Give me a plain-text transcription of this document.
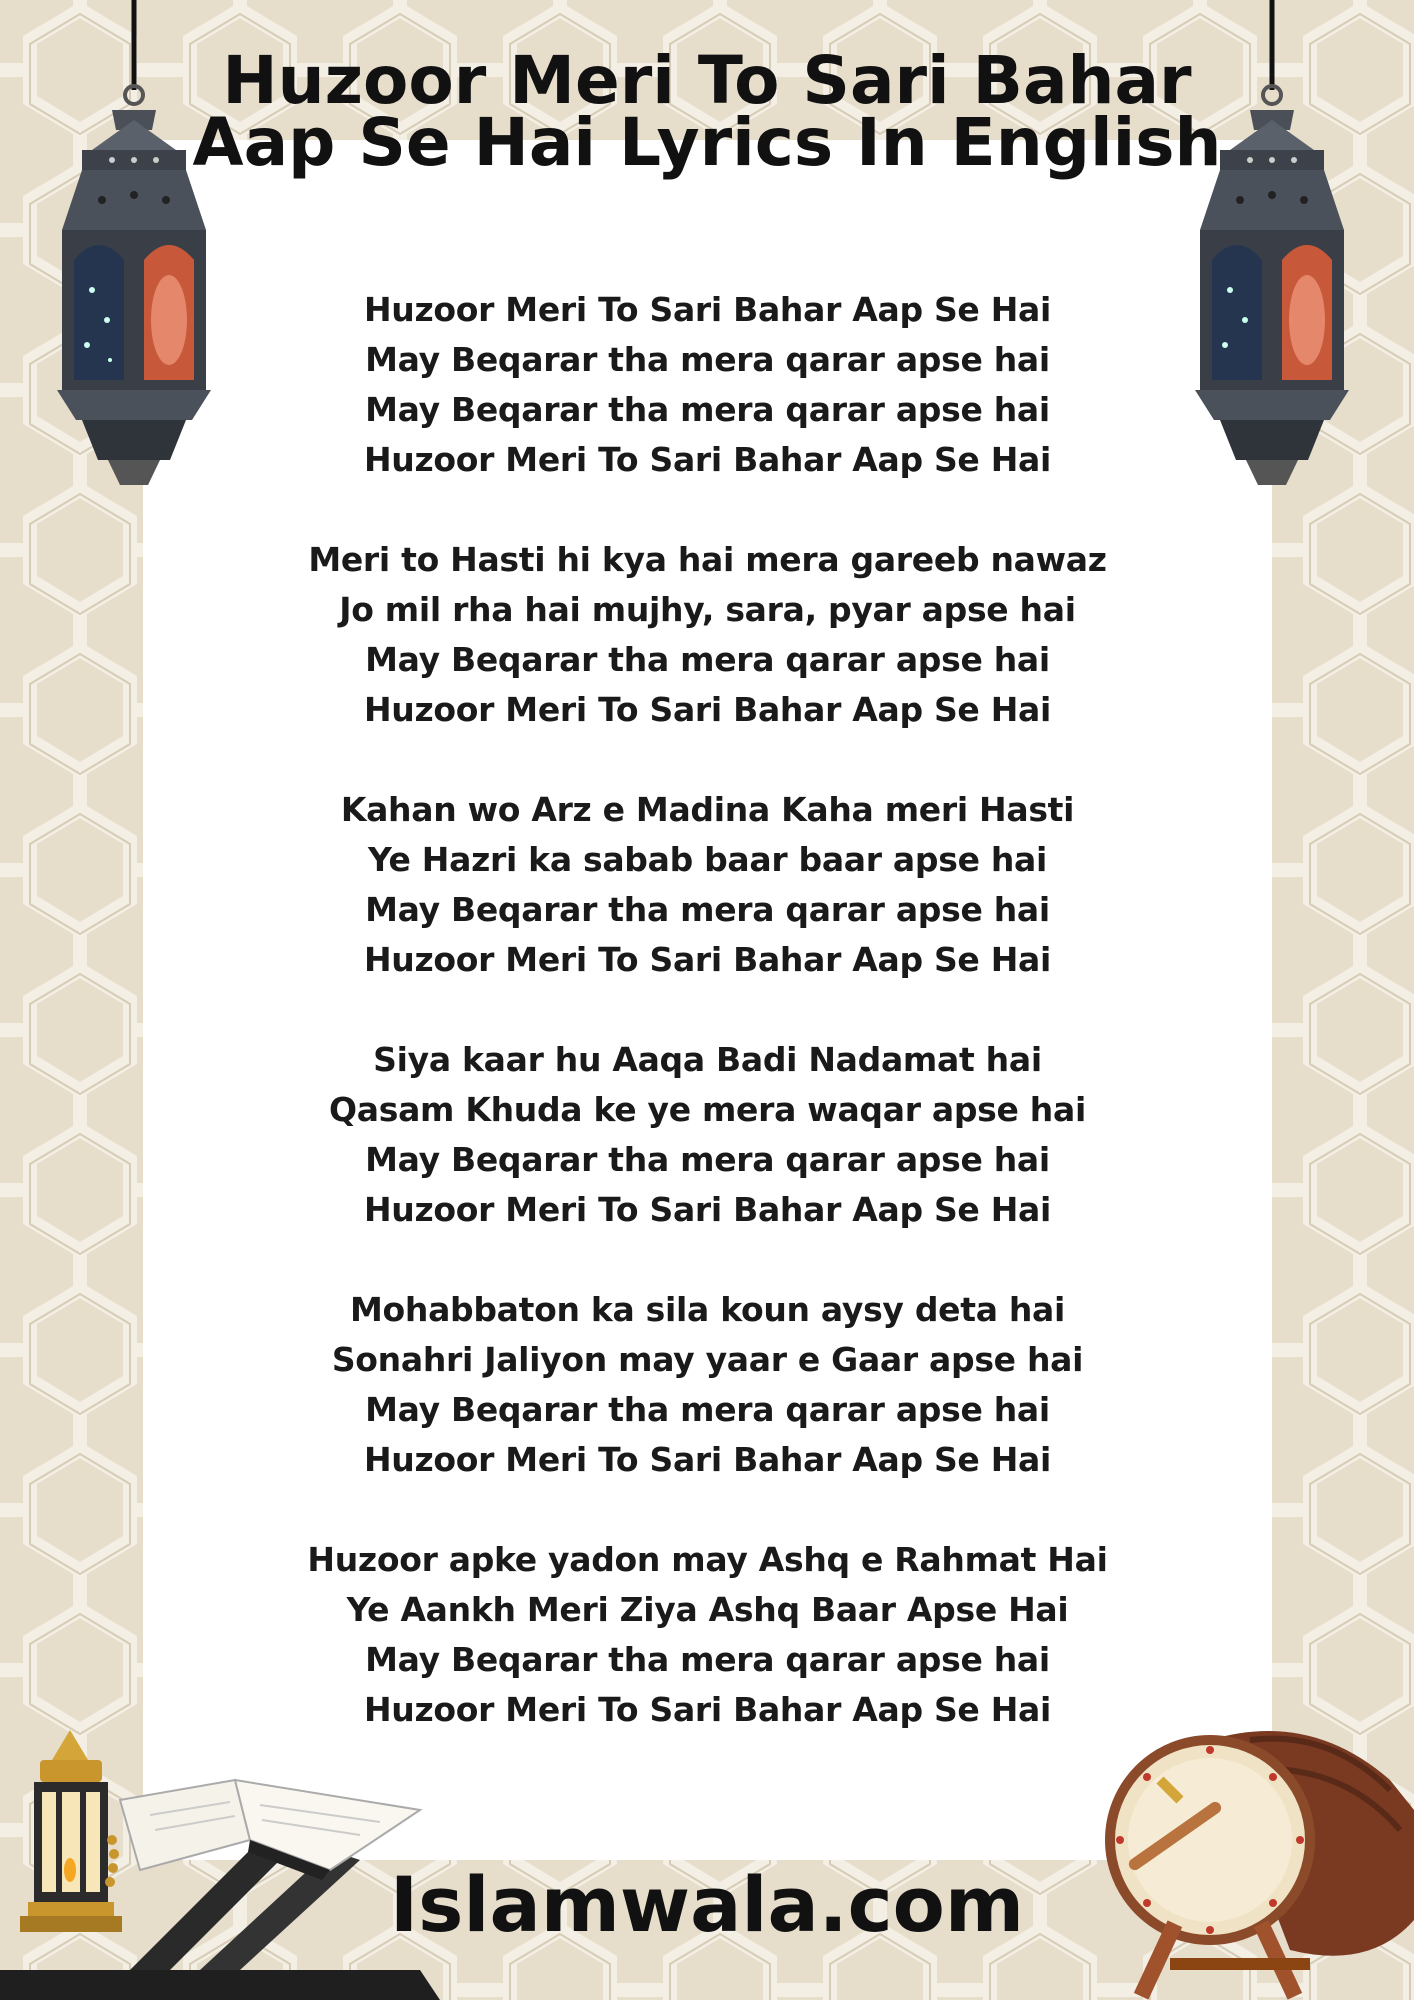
Huzoor Meri To Sari Bahar
Aap Se Hai Lyrics In English
Huzoor Meri To Sari Bahar Aap Se Hai
May Beqarar tha mera qarar apse hai
May Beqarar tha mera qarar apse hai
Huzoor Meri To Sari Bahar Aap Se Hai
Meri to Hasti hi kya hai mera gareeb nawaz
Jo mil rha hai mujhy, sara, pyar apse hai
May Beqarar tha mera qarar apse hai
Huzoor Meri To Sari Bahar Aap Se Hai
Kahan wo Arz e Madina Kaha meri Hasti
Ye Hazri ka sabab baar baar apse hai
May Beqarar tha mera qarar apse hai
Huzoor Meri To Sari Bahar Aap Se Hai
Siya kaar hu Aaqa Badi Nadamat hai
Qasam Khuda ke ye mera waqar apse hai
May Beqarar tha mera qarar apse hai
Huzoor Meri To Sari Bahar Aap Se Hai
Mohabbaton ka sila koun aysy deta hai
Sonahri Jaliyon may yaar e Gaar apse hai
May Beqarar tha mera qarar apse hai
Huzoor Meri To Sari Bahar Aap Se Hai
Huzoor apke yadon may Ashq e Rahmat Hai
Ye Aankh Meri Ziya Ashq Baar Apse Hai
May Beqarar tha mera qarar apse hai
Huzoor Meri To Sari Bahar Aap Se Hai
Islamwala.com
